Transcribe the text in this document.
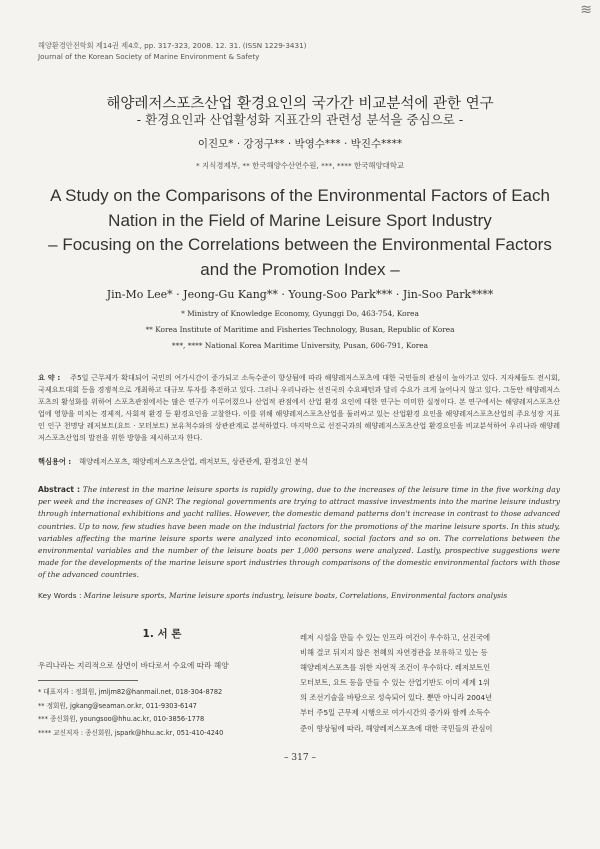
≋
해양환경안전학회 제14권 제4호, pp. 317-323, 2008. 12. 31. (ISSN 1229-3431)
Journal of the Korean Society of Marine Environment & Safety
해양레저스포츠산업 환경요인의 국가간 비교분석에 관한 연구
- 환경요인과 산업활성화 지표간의 관련성 분석을 중심으로 -
이진모* · 강정구** · 박영수*** · 박진수****
* 지식경제부, ** 한국해양수산연수원, ***, **** 한국해양대학교
A Study on the Comparisons of the Environmental Factors of Each
Nation in the Field of Marine Leisure Sport Industry
– Focusing on the Correlations between the Environmental Factors
and the Promotion Index –
Jin-Mo Lee* · Jeong-Gu Kang** · Young-Soo Park*** · Jin-Soo Park****
* Ministry of Knowledge Economy, Gyunggi Do, 463-754, Korea
** Korea Institute of Maritime and Fisheries Technology, Busan, Republic of Korea
***, **** National Korea Maritime University, Pusan, 606-791, Korea
요 약 : 주5일 근무제가 확대되어 국민의 여가시간이 증가되고 소득수준이 향상됨에 따라 해양레저스포츠에 대한 국민들의 관심이 높아가고 있다. 지자체들도 전시회, 국제요트대회 등을 경쟁적으로 개최하고 대규모 투자를 추진하고 있다. 그러나 우리나라는 선진국의 수요패턴과 달리 수요가 크게 늘어나지 않고 있다. 그동안 해양레저스포츠의 활성화를 위하여 스포츠관점에서는 많은 연구가 이루어졌으나 산업적 관점에서 산업 환경 요인에 대한 연구는 미미한 실정이다. 본 연구에서는 해양레저스포츠산업에 영향을 미치는 경제적, 사회적 환경 등 환경요인을 고찰한다. 이를 위해 해양레저스포츠산업을 둘러싸고 있는 산업환경 요인을 해양레저스포츠산업의 주요성장 지표인 인구 천명당 레저보트(요트 · 모터보트) 보유척수와의 상관관계로 분석하였다. 마지막으로 선진국과의 해양레저스포츠산업 환경요인을 비교분석하여 우리나라 해양레저스포츠산업의 발전을 위한 방향을 제시하고자 한다.
핵심용어 : 해양레저스포츠, 해양레저스포츠산업, 레저보트, 상관관계, 환경요인 분석
Abstract : The interest in the marine leisure sports is rapidly growing, due to the increases of the leisure time in the five working day per week and the increases of GNP. The regional governments are trying to attract massive investments into the marine leisure industry through international exhibitions and yacht rallies. However, the domestic demand patterns don't increase in contrast to those advanced countries. Up to now, few studies have been made on the industrial factors for the promotions of the marine leisure sports. In this study, variables affecting the marine leisure sports were analyzed into economical, social factors and so on. The correlations between the environmental variables and the number of the leisure boats per 1,000 persons were analyzed. Lastly, prospective suggestions were made for the developments of the marine leisure sport industries through comparisons of the domestic environmental factors with those of the advanced countries.
Key Words : Marine leisure sports, Marine leisure sports industry, leisure boats, Correlations, Environmental factors analysis
1. 서 론
우리나라는 지리적으로 삼면이 바다로서 수요에 따라 해양
* 대표저자 : 정회원, jmljm82@hanmail.net, 018-304-8782
** 정회원, jgkang@seaman.or.kr, 011-9303-6147
*** 종신회원, youngsoo@hhu.ac.kr, 010-3856-1778
**** 교신저자 : 종신회원, jspark@hhu.ac.kr, 051-410-4240
레저 시설을 만들 수 있는 인프라 여건이 우수하고, 선진국에
비해 결코 뒤지지 않은 천혜의 자연경관을 보유하고 있는 등
해양레저스포츠를 위한 자연적 조건이 우수하다. 레저보트인
모터보트, 요트 등을 만들 수 있는 산업기반도 이미 세계 1위
의 조선기술을 바탕으로 성숙되어 있다. 뿐만 아니라 2004년
부터 주5일 근무제 시행으로 여가시간의 증가와 함께 소득수
준이 향상됨에 따라, 해양레저스포츠에 대한 국민들의 관심이
– 317 –
